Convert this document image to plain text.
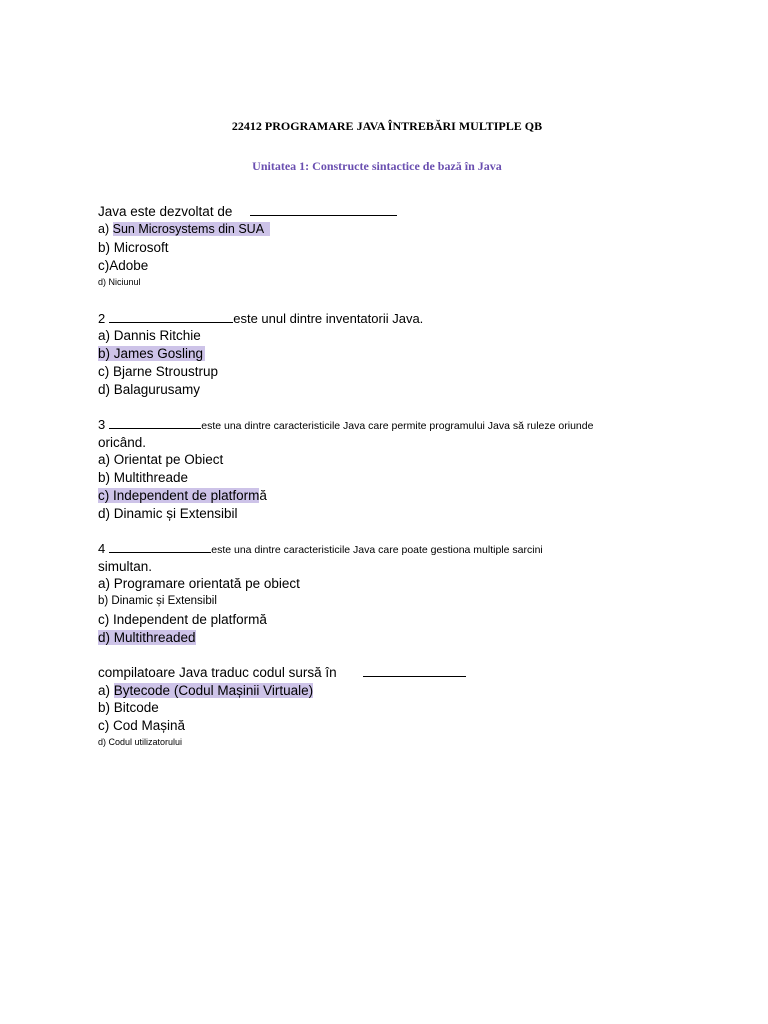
22412 PROGRAMARE JAVA ÎNTREBĂRI MULTIPLE QB
Unitatea 1: Constructe sintactice de bază în Java
Java este dezvoltat de
a) Sun Microsystems din SUA
b) Microsoft
c)Adobe
d) Niciunul
2	este unul dintre inventatorii Java.
a) Dannis Ritchie
b) James Gosling
c) Bjarne Stroustrup
d) Balagurusamy
3	este una dintre caracteristicile Java care permite programului Java să ruleze oriunde
oricând.
a) Orientat pe Obiect
b) Multithreade
c) Independent de platformă
d) Dinamic și Extensibil
4	este una dintre caracteristicile Java care poate gestiona multiple sarcini
simultan.
a) Programare orientată pe obiect
b) Dinamic și Extensibil
c) Independent de platformă
d) Multithreaded
compilatoare Java traduc codul sursă în
a) Bytecode (Codul Mașinii Virtuale)
b) Bitcode
c) Cod Mașină
d) Codul utilizatorului
